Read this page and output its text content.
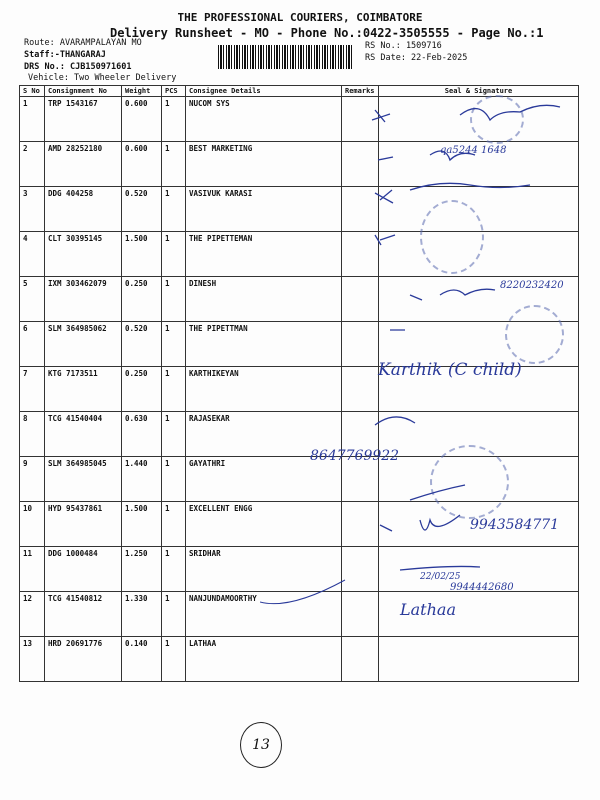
THE PROFESSIONAL COURIERS, COIMBATORE
Delivery Runsheet - MO - Phone No.:0422-3505555 - Page No.:1
Route: AVARAMPALAYAN MO
Staff:-THANGARAJ
DRS No.: CJB150971601
Vehicle: Two Wheeler Delivery
RS No.: 1509716
RS Date: 22-Feb-2025
S No	Consignment No	Weight	PCS	Consignee Details	Remarks	Seal & Signature
1	TRP 1543167	0.600	1	NUCOM SYS		
2	AMD 28252180	0.600	1	BEST MARKETING		
3	DDG 404258	0.520	1	VASIVUK KARASI		
4	CLT 30395145	1.500	1	THE PIPETTEMAN		
5	IXM 303462079	0.250	1	DINESH		
6	SLM 364985062	0.520	1	THE PIPETTMAN		
7	KTG 7173511	0.250	1	KARTHIKEYAN		
8	TCG 41540404	0.630	1	RAJASEKAR		
9	SLM 364985045	1.440	1	GAYATHRI		
10	HYD 95437861	1.500	1	EXCELLENT ENGG		
11	DDG 1000484	1.250	1	SRIDHAR		
12	TCG 41540812	1.330	1	NANJUNDAMOORTHY		
13	HRD 20691776	0.140	1	LATHAA		
qa5244 1648
8220232420
Karthik (C child)
8647769922
9943584771
22/02/25
9944442680
Lathaa
13
